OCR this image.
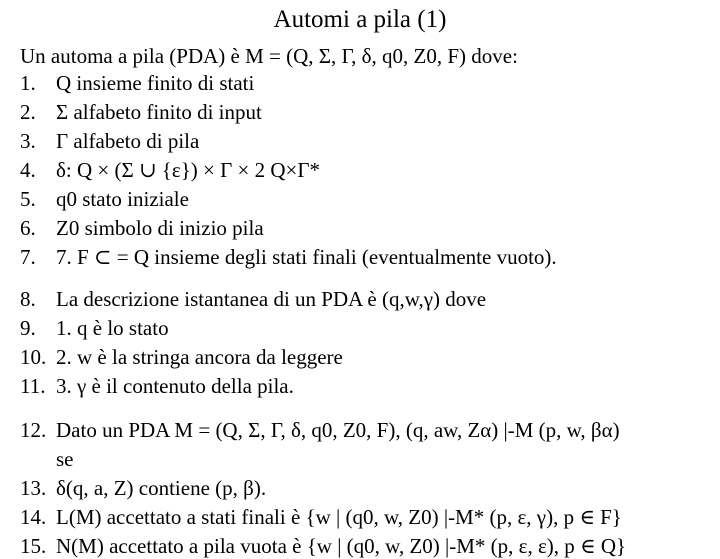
Automi a pila (1)
Un automa a pila (PDA) è M = (Q, Σ, Γ, δ, q0, Z0, F) dove:
1. Q insieme finito di stati
2. Σ alfabeto finito di input
3. Γ alfabeto di pila
4. δ: Q × (Σ ∪ {ε}) × Γ × 2 Q×Γ*
5. q0 stato iniziale
6. Z0 simbolo di inizio pila
7. 7. F ⊂ = Q insieme degli stati finali (eventualmente vuoto).
8. La descrizione istantanea di un PDA è (q,w,γ) dove
9. 1. q è lo stato
10. 2. w è la stringa ancora da leggere
11. 3. γ è il contenuto della pila.
12. Dato un PDA M = (Q, Σ, Γ, δ, q0, Z0, F), (q, aw, Zα) |-M (p, w, βα)
se
13. δ(q, a, Z) contiene (p, β).
14. L(M) accettato a stati finali è {w | (q0, w, Z0) |-M* (p, ε, γ), p ∈ F}
15. N(M) accettato a pila vuota è {w | (q0, w, Z0) |-M* (p, ε, ε), p ∈ Q}
